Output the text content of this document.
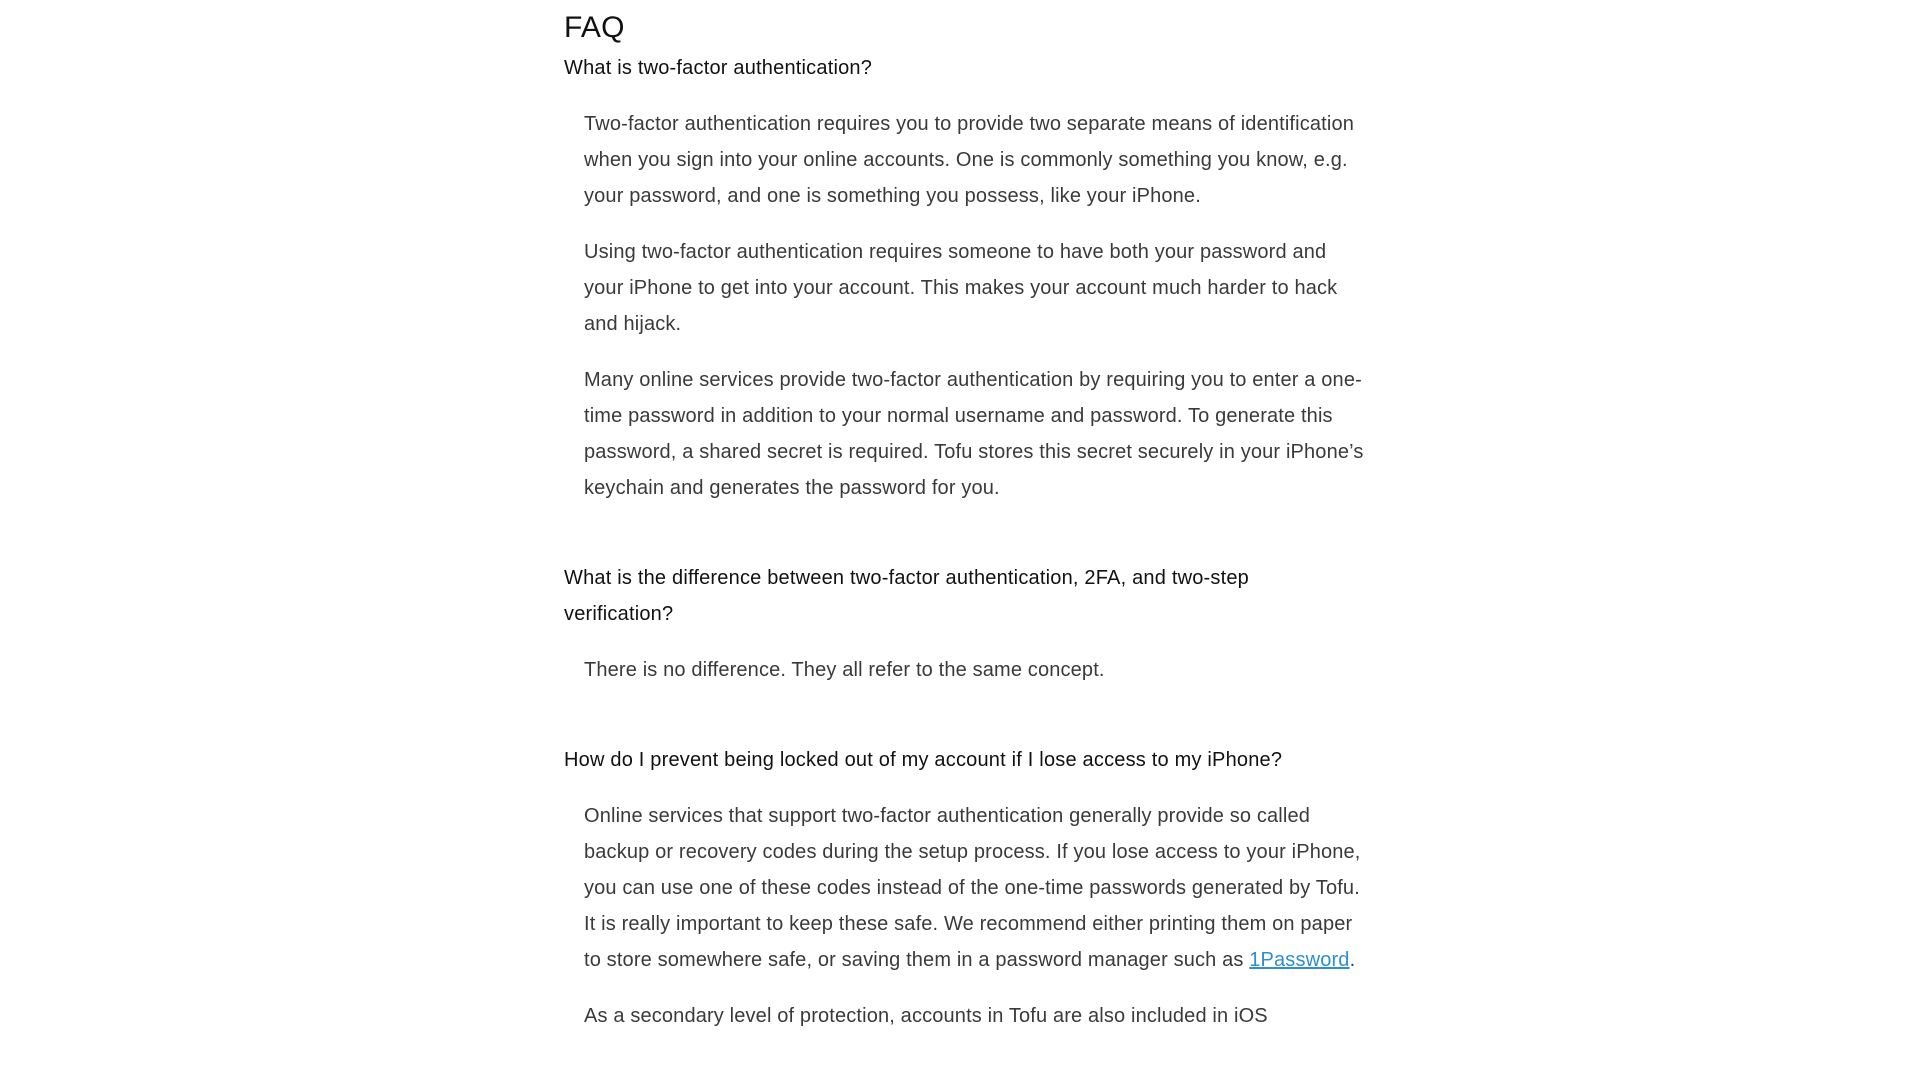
FAQ
What is two-factor authentication?

Two-factor authentication requires you to provide two separate means of identification when you sign into your online accounts. One is commonly something you know, e.g. your password, and one is something you possess, like your iPhone.

Using two-factor authentication requires someone to have both your password and your iPhone to get into your account. This makes your account much harder to hack and hijack.

Many online services provide two-factor authentication by requiring you to enter a one-time password in addition to your normal username and password. To generate this password, a shared secret is required. Tofu stores this secret securely in your iPhone’s keychain and generates the password for you.

What is the difference between two-factor authentication, 2FA, and two-step verification?

There is no difference. They all refer to the same concept.

How do I prevent being locked out of my account if I lose access to my iPhone?

Online services that support two-factor authentication generally provide so called backup or recovery codes during the setup process. If you lose access to your iPhone, you can use one of these codes instead of the one-time passwords generated by Tofu. It is really important to keep these safe. We recommend either printing them on paper to store somewhere safe, or saving them in a password manager such as 1Password.

As a secondary level of protection, accounts in Tofu are also included in iOS
